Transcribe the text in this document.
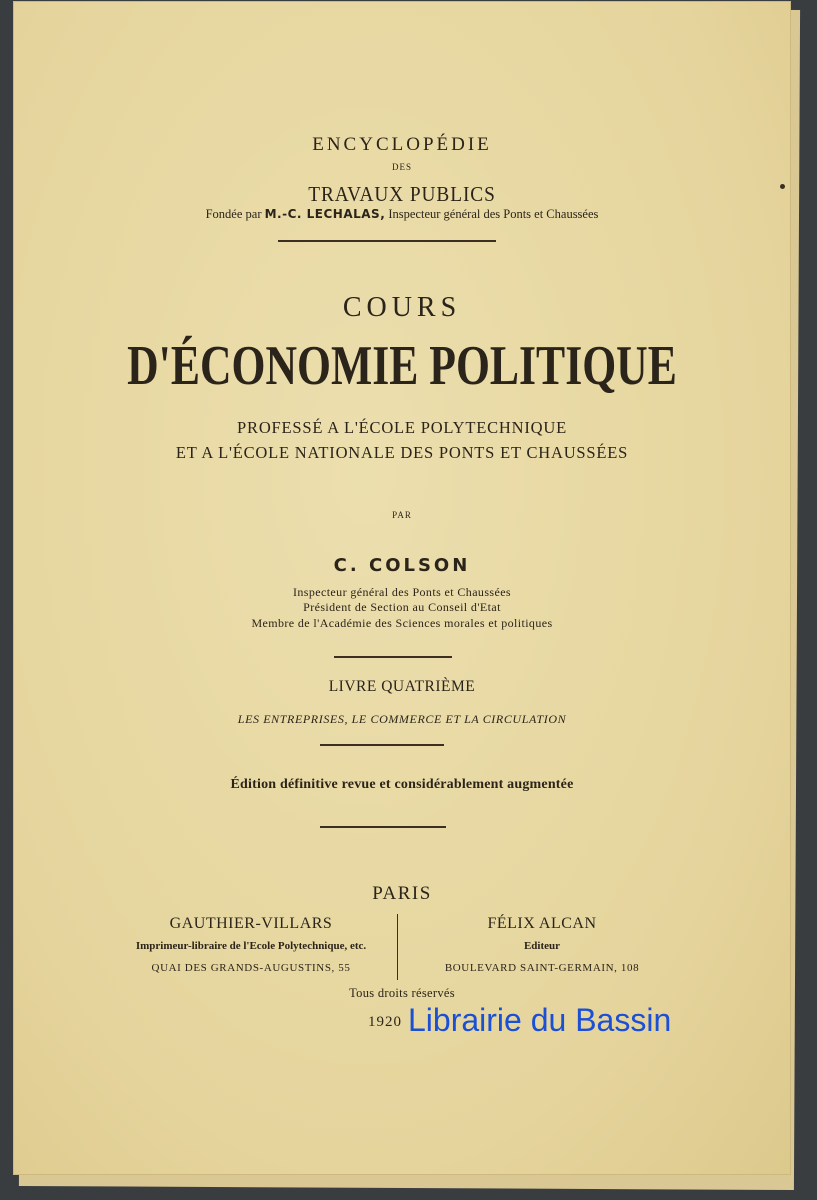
ENCYCLOPÉDIE
DES
TRAVAUX PUBLICS
Fondée par M.-C. LECHALAS, Inspecteur général des Ponts et Chaussées
COURS
D'ÉCONOMIE POLITIQUE
PROFESSÉ A L'ÉCOLE POLYTECHNIQUE
ET A L'ÉCOLE NATIONALE DES PONTS ET CHAUSSÉES
PAR
C. COLSON
Inspecteur général des Ponts et Chaussées
Président de Section au Conseil d'Etat
Membre de l'Académie des Sciences morales et politiques
LIVRE QUATRIÈME
LES ENTREPRISES, LE COMMERCE ET LA CIRCULATION
Édition définitive revue et considérablement augmentée
PARIS
GAUTHIER-VILLARS
Imprimeur-libraire de l'Ecole Polytechnique, etc.
QUAI DES GRANDS-AUGUSTINS, 55
FÉLIX ALCAN
Editeur
BOULEVARD SAINT-GERMAIN, 108
Tous droits réservés
1920 Librairie du Bassin
